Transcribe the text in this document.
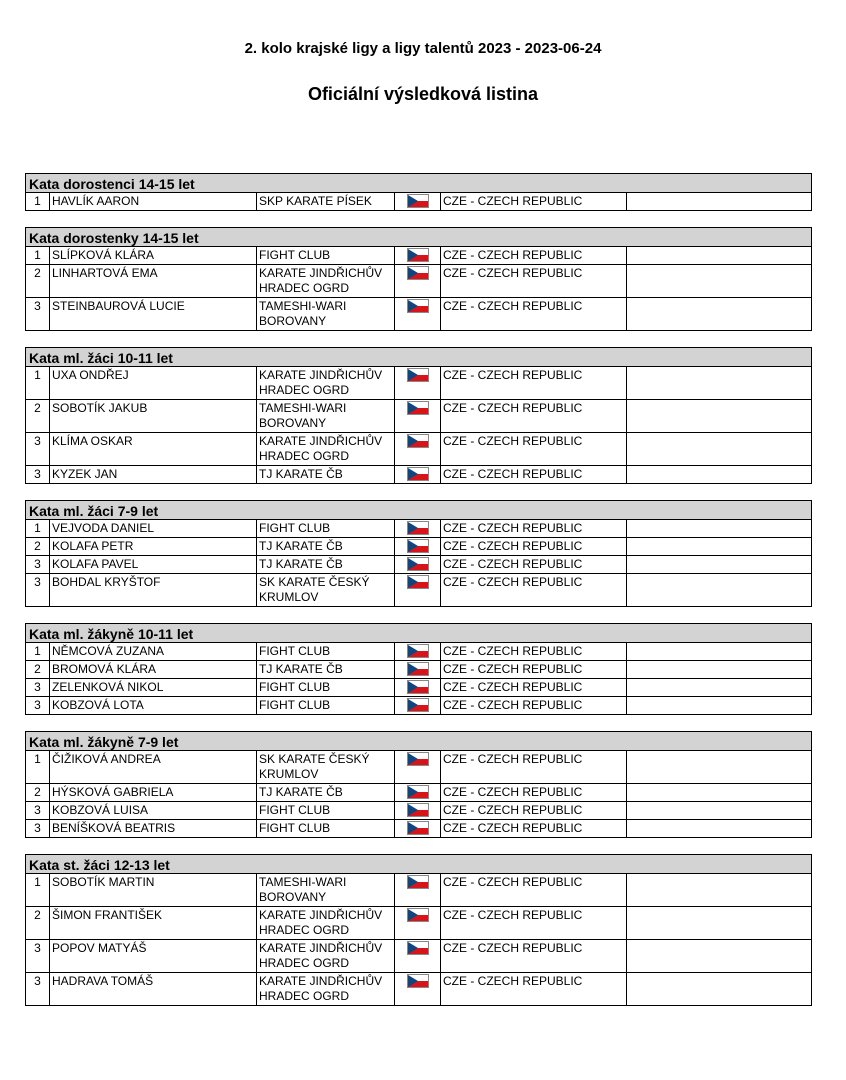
2. kolo krajské ligy a ligy talentů 2023 - 2023-06-24
Oficiální výsledková listina
Kata dorostenci 14-15 let
1	HAVLÍK AARON	SKP KARATE PÍSEK		CZE - CZECH REPUBLIC	
Kata dorostenky 14-15 let
1	SLÍPKOVÁ KLÁRA	FIGHT CLUB		CZE - CZECH REPUBLIC	
2	LINHARTOVÁ EMA	KARATE JINDŘICHŮV HRADEC OGRD		CZE - CZECH REPUBLIC	
3	STEINBAUROVÁ LUCIE	TAMESHI-WARI BOROVANY		CZE - CZECH REPUBLIC	
Kata ml. žáci 10-11 let
1	UXA ONDŘEJ	KARATE JINDŘICHŮV HRADEC OGRD		CZE - CZECH REPUBLIC	
2	SOBOTÍK JAKUB	TAMESHI-WARI BOROVANY		CZE - CZECH REPUBLIC	
3	KLÍMA OSKAR	KARATE JINDŘICHŮV HRADEC OGRD		CZE - CZECH REPUBLIC	
3	KYZEK JAN	TJ KARATE ČB		CZE - CZECH REPUBLIC	
Kata ml. žáci 7-9 let
1	VEJVODA DANIEL	FIGHT CLUB		CZE - CZECH REPUBLIC	
2	KOLAFA PETR	TJ KARATE ČB		CZE - CZECH REPUBLIC	
3	KOLAFA PAVEL	TJ KARATE ČB		CZE - CZECH REPUBLIC	
3	BOHDAL KRYŠTOF	SK KARATE ČESKÝ KRUMLOV		CZE - CZECH REPUBLIC	
Kata ml. žákyně 10-11 let
1	NĚMCOVÁ ZUZANA	FIGHT CLUB		CZE - CZECH REPUBLIC	
2	BROMOVÁ KLÁRA	TJ KARATE ČB		CZE - CZECH REPUBLIC	
3	ZELENKOVÁ NIKOL	FIGHT CLUB		CZE - CZECH REPUBLIC	
3	KOBZOVÁ LOTA	FIGHT CLUB		CZE - CZECH REPUBLIC	
Kata ml. žákyně 7-9 let
1	ČIŽIKOVÁ ANDREA	SK KARATE ČESKÝ KRUMLOV		CZE - CZECH REPUBLIC	
2	HÝSKOVÁ GABRIELA	TJ KARATE ČB		CZE - CZECH REPUBLIC	
3	KOBZOVÁ LUISA	FIGHT CLUB		CZE - CZECH REPUBLIC	
3	BENÍŠKOVÁ BEATRIS	FIGHT CLUB		CZE - CZECH REPUBLIC	
Kata st. žáci 12-13 let
1	SOBOTÍK MARTIN	TAMESHI-WARI BOROVANY		CZE - CZECH REPUBLIC	
2	ŠIMON FRANTIŠEK	KARATE JINDŘICHŮV HRADEC OGRD		CZE - CZECH REPUBLIC	
3	POPOV MATYÁŠ	KARATE JINDŘICHŮV HRADEC OGRD		CZE - CZECH REPUBLIC	
3	HADRAVA TOMÁŠ	KARATE JINDŘICHŮV HRADEC OGRD		CZE - CZECH REPUBLIC	
